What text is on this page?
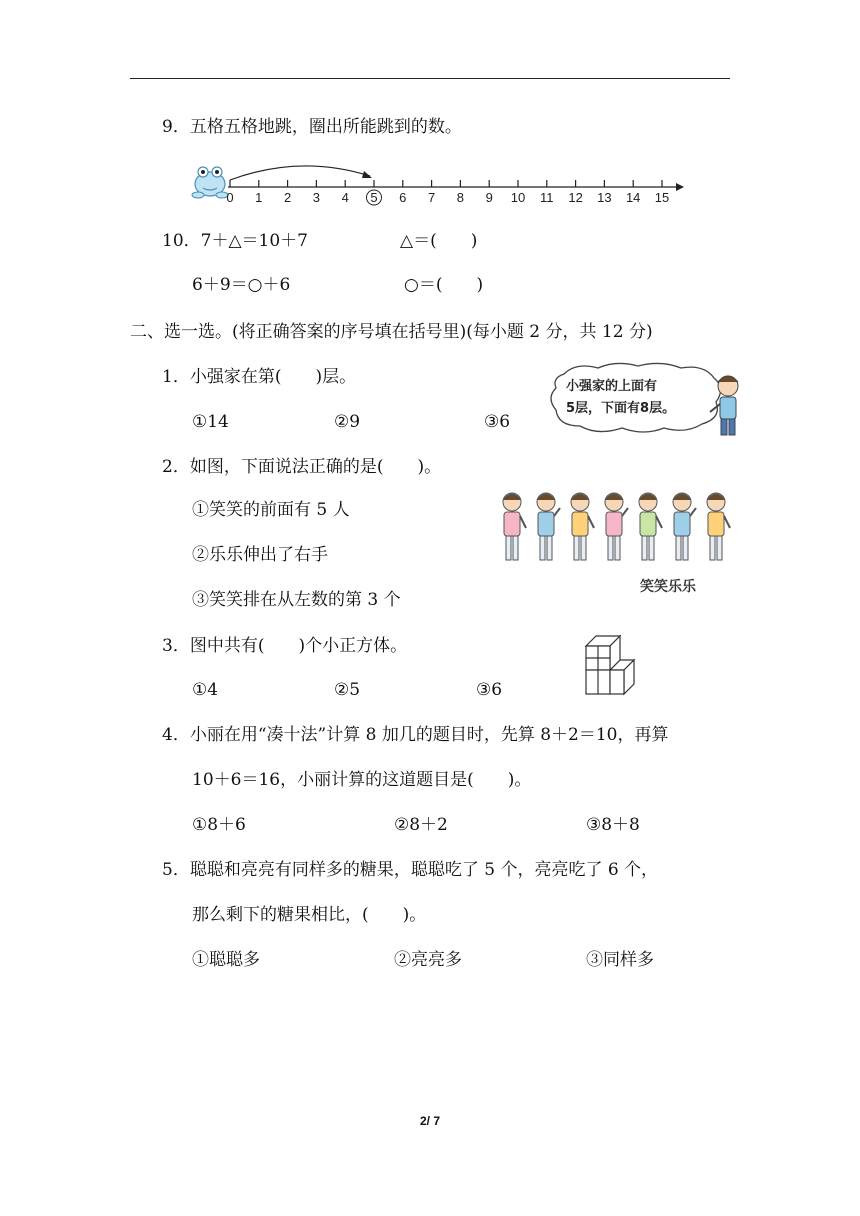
9．五格五格地跳，圈出所能跳到的数。
0 1 2 3 4 5 6 7 8 9 10 11 12 13 14 15
10．7＋△＝10＋7	△＝(　　)
6＋9＝○＋6	○＝(　　)
二、选一选。(将正确答案的序号填在括号里)(每小题 2 分，共 12 分)
1．小强家在第(　　)层。
①14	②9	③6
小强家的上面有
5层，下面有8层。
2．如图，下面说法正确的是(　　)。
①笑笑的前面有 5 人
②乐乐伸出了右手
③笑笑排在从左数的第 3 个
笑笑乐乐
3．图中共有(　　)个小正方体。
①4	②5	③6
4．小丽在用“凑十法”计算 8 加几的题目时，先算 8＋2＝10，再算
10＋6＝16，小丽计算的这道题目是(　　)。
①8＋6	②8＋2	③8＋8
5．聪聪和亮亮有同样多的糖果，聪聪吃了 5 个，亮亮吃了 6 个，
那么剩下的糖果相比，(　　)。
①聪聪多	②亮亮多	③同样多
2/ 7
